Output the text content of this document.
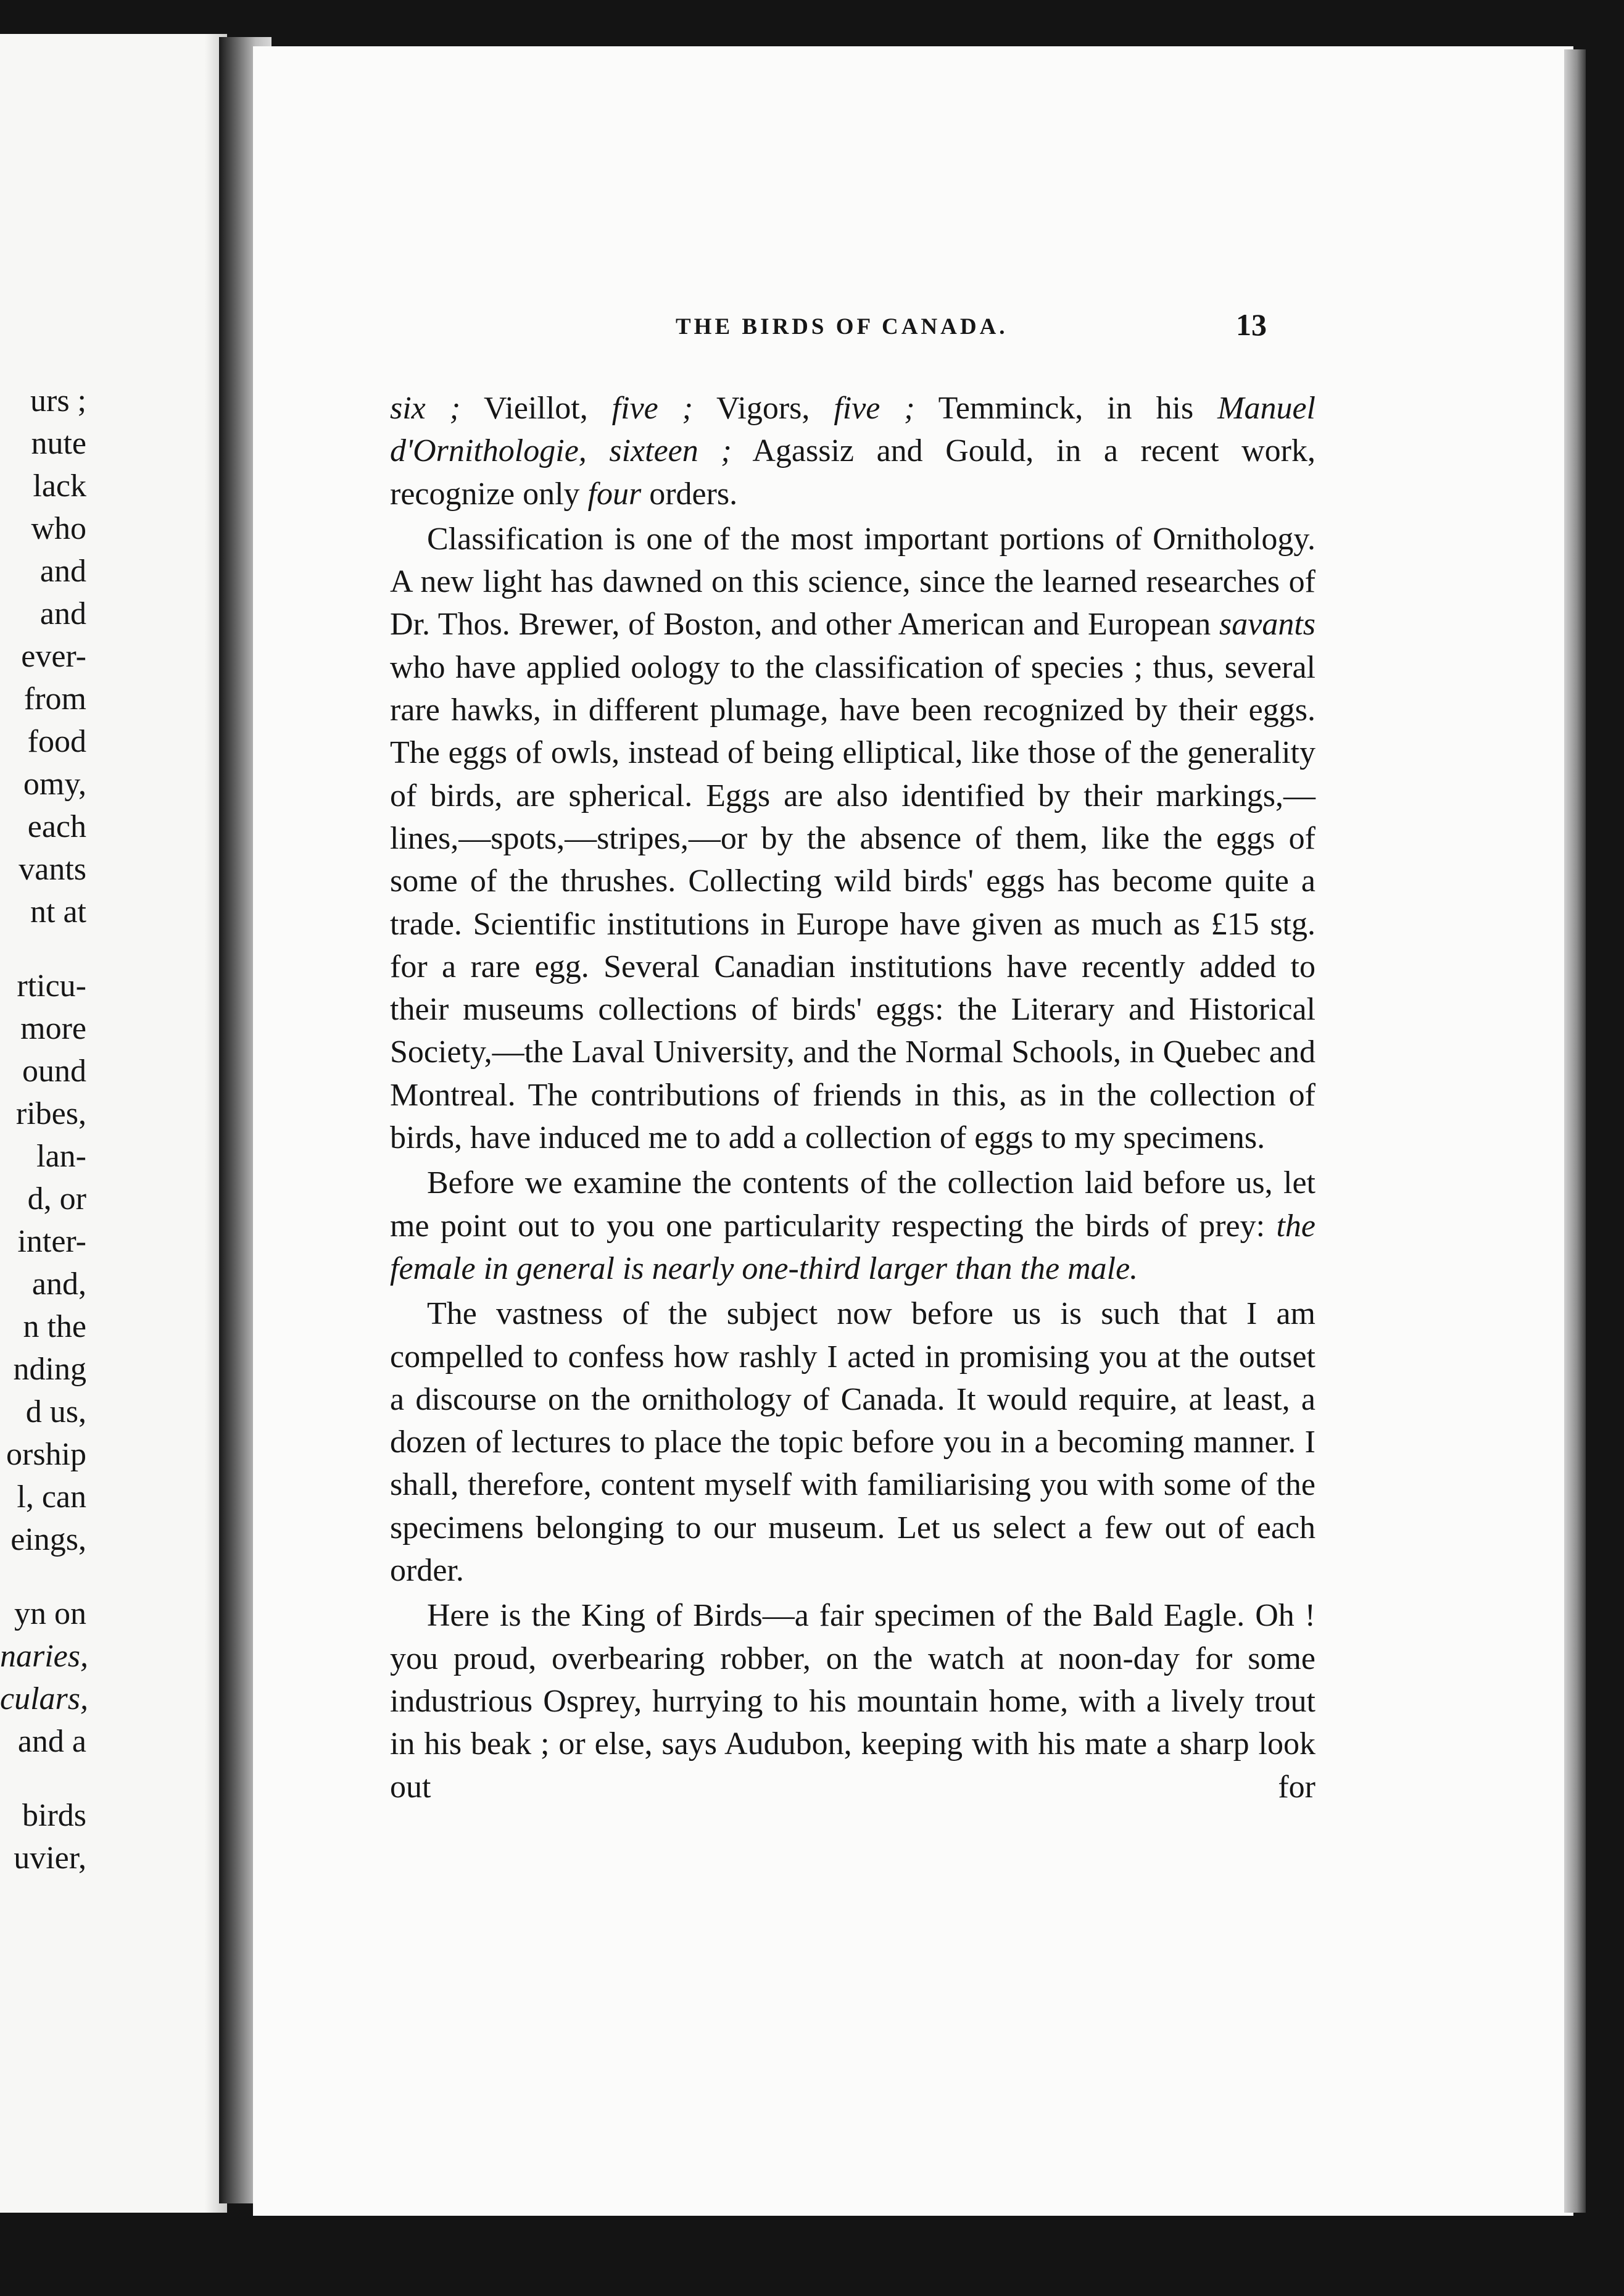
urs ;
nute
lack
who
and
and
ever-
from
food
omy,
each
vants
nt at
rticu-
more
ound
ribes,
lan-
d, or
inter-
and,
n the
nding
d us,
orship
l, can
eings,
yn on
naries,
culars,
and a
birds
uvier,
THE BIRDS OF CANADA.	13

six ; Vieillot, five ; Vigors, five ; Temminck, in his Manuel d'Ornithologie, sixteen ; Agassiz and Gould, in a recent work, recognize only four orders.

Classification is one of the most important portions of Ornithology. A new light has dawned on this science, since the learned researches of Dr. Thos. Brewer, of Boston, and other American and European savants who have applied oology to the classification of species ; thus, several rare hawks, in different plumage, have been recognized by their eggs. The eggs of owls, instead of being elliptical, like those of the generality of birds, are spherical. Eggs are also identified by their markings,—lines,—spots,—stripes,—or by the absence of them, like the eggs of some of the thrushes. Collecting wild birds' eggs has become quite a trade. Scientific institutions in Europe have given as much as £15 stg. for a rare egg. Several Canadian institutions have recently added to their museums collections of birds' eggs: the Literary and Historical Society,—the Laval University, and the Normal Schools, in Quebec and Montreal. The contributions of friends in this, as in the collection of birds, have induced me to add a collection of eggs to my specimens.

Before we examine the contents of the collection laid before us, let me point out to you one particularity respecting the birds of prey: the female in general is nearly one-third larger than the male.

The vastness of the subject now before us is such that I am compelled to confess how rashly I acted in promising you at the outset a discourse on the ornithology of Canada. It would require, at least, a dozen of lectures to place the topic before you in a becoming manner. I shall, therefore, content myself with familiarising you with some of the specimens belonging to our museum. Let us select a few out of each order.

Here is the King of Birds—a fair specimen of the Bald Eagle. Oh ! you proud, overbearing robber, on the watch at noon-day for some industrious Osprey, hurrying to his mountain home, with a lively trout in his beak ; or else, says Audubon, keeping with his mate a sharp look out for
